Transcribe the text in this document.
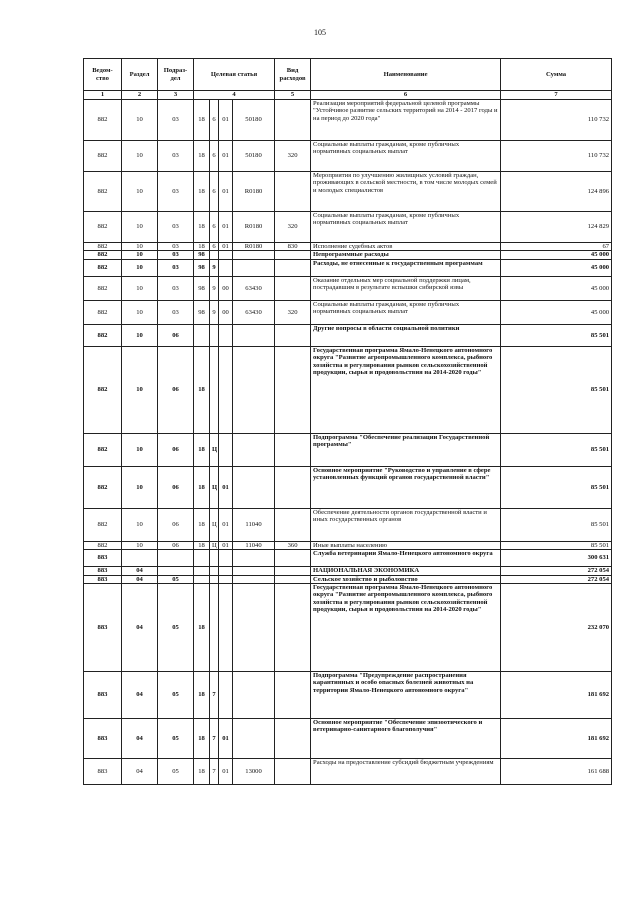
105
Ведом-ство	Раздел	Подраз-дел	Целевая статья				Вид расходов	Наименование	Сумма
1	2	3	4				5	6	7
882	10	03	18	6	01	50180		Реализация мероприятий федеральной целевой программы "Устойчивое развитие сельских территорий на 2014 - 2017 годы и на период до 2020 года"	110 732
882	10	03	18	6	01	50180	320	Социальные выплаты гражданам, кроме публичных нормативных социальных выплат	110 732
882	10	03	18	6	01	R0180		Мероприятия по улучшению жилищных условий граждан, проживающих в сельской местности, в том числе молодых семей и молодых специалистов	124 896
882	10	03	18	6	01	R0180	320	Социальные выплаты гражданам, кроме публичных нормативных социальных выплат	124 829
882	10	03	18	6	01	R0180	830	Исполнение судебных актов	67
882	10	03	98					Непрограммные расходы	45 000
882	10	03	98	9				Расходы, не отнесенные к государственным программам	45 000
882	10	03	98	9	00	63430		Оказание отдельных мер социальной поддержки лицам, пострадавшим в результате вспышки сибирской язвы	45 000
882	10	03	98	9	00	63430	320	Социальные выплаты гражданам, кроме публичных нормативных социальных выплат	45 000
882	10	06						Другие вопросы в области социальной политики	85 501
882	10	06	18					Государственная программа Ямало-Ненецкого автономного округа "Развитие агропромышленного комплекса, рыбного хозяйства и регулирования рынков сельскохозяйственной продукции, сырья и продовольствия на 2014-2020 годы"	85 501
882	10	06	18	Ц				Подпрограмма "Обеспечение реализации Государственной программы"	85 501
882	10	06	18	Ц	01			Основное мероприятие "Руководство и управление в сфере установленных функций органов государственной власти"	85 501
882	10	06	18	Ц	01	11040		Обеспечение деятельности органов государственной власти и иных государственных органов	85 501
882	10	06	18	Ц	01	11040	360	Иные выплаты населению	85 501
883								Служба ветеринарии Ямало-Ненецкого автономного округа	300 631
883	04							НАЦИОНАЛЬНАЯ ЭКОНОМИКА	272 054
883	04	05						Сельское хозяйство и рыболовство	272 054
883	04	05	18					Государственная программа Ямало-Ненецкого автономного округа "Развитие агропромышленного комплекса, рыбного хозяйства и регулирования рынков сельскохозяйственной продукции, сырья и продовольствия на 2014-2020 годы"	232 070
883	04	05	18	7				Подпрограмма "Предупреждение распространения карантинных и особо опасных болезней животных на территории Ямало-Ненецкого автономного округа"	181 692
883	04	05	18	7	01			Основное мероприятие "Обеспечение эпизоотического и ветеринарно-санитарного благополучия"	181 692
883	04	05	18	7	01	13000		Расходы на предоставление субсидий бюджетным учреждениям	161 688
